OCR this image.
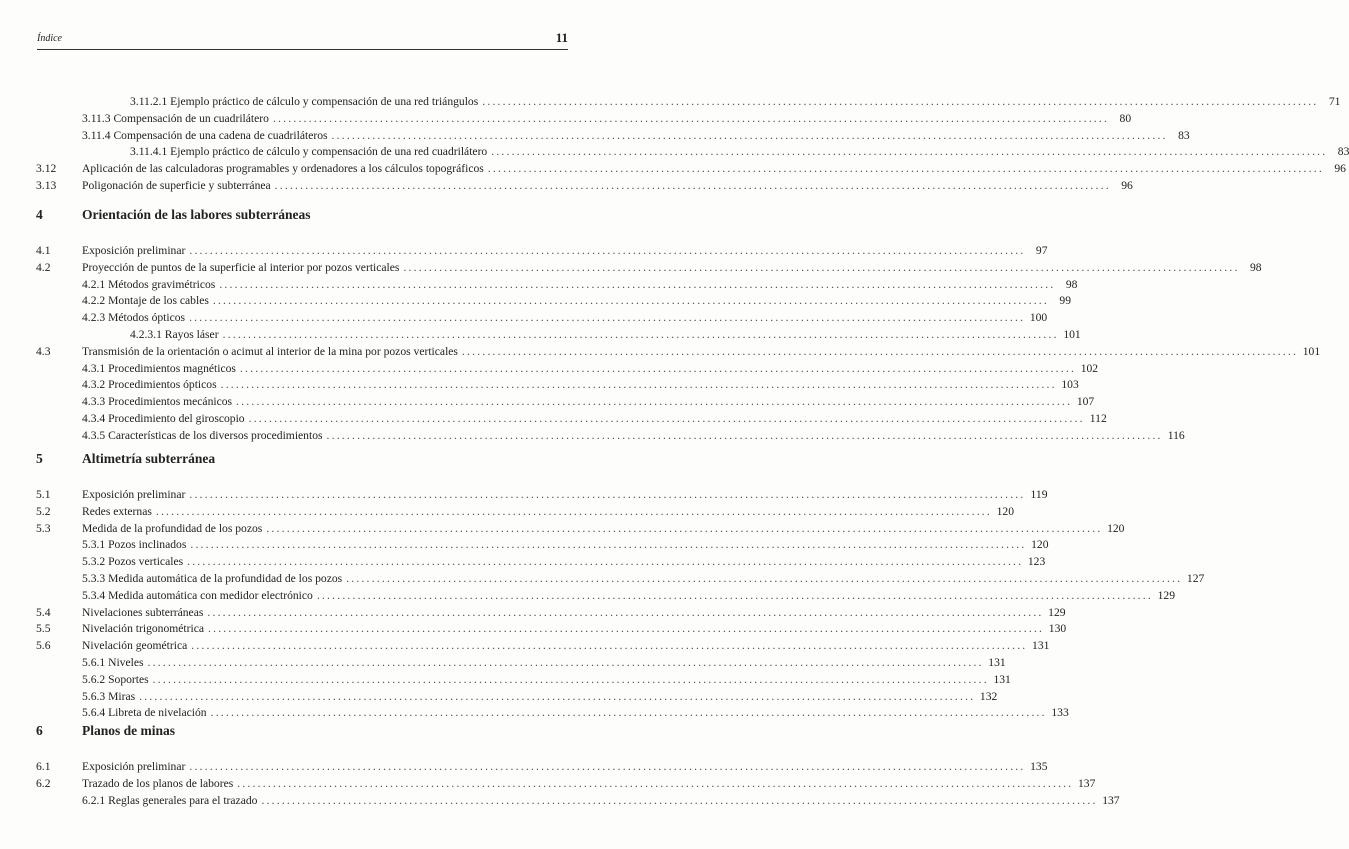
Índice	11
3.11.2.1 Ejemplo práctico de cálculo y compensación de una red triángulos .................................................................................................................................................................... 71
3.11.3 Compensación de un cuadrilátero .................................................................................................................................................................... 80
3.11.4 Compensación de una cadena de cuadriláteros .................................................................................................................................................................... 83
3.11.4.1 Ejemplo práctico de cálculo y compensación de una red cuadrilátero .................................................................................................................................................................... 83
3.12 Aplicación de las calculadoras programables y ordenadores a los cálculos topográficos .................................................................................................................................................................... 96
3.13 Poligonación de superficie y subterránea .................................................................................................................................................................... 96
4	Orientación de las labores subterráneas
4.1	Exposición preliminar .................................................................................................................................................................... 97
4.2	Proyección de puntos de la superficie al interior por pozos verticales .................................................................................................................................................................... 98
4.2.1 Métodos gravimétricos .................................................................................................................................................................... 98
4.2.2 Montaje de los cables .................................................................................................................................................................... 99
4.2.3 Métodos ópticos .................................................................................................................................................................... 100
4.2.3.1 Rayos láser .................................................................................................................................................................... 101
4.3	Transmisión de la orientación o acimut al interior de la mina por pozos verticales .................................................................................................................................................................... 101
4.3.1 Procedimientos magnéticos .................................................................................................................................................................... 102
4.3.2 Procedimientos ópticos .................................................................................................................................................................... 103
4.3.3 Procedimientos mecánicos .................................................................................................................................................................... 107
4.3.4 Procedimiento del giroscopio .................................................................................................................................................................... 112
4.3.5 Características de los diversos procedimientos .................................................................................................................................................................... 116
5	Altimetría subterránea
5.1	Exposición preliminar .................................................................................................................................................................... 119
5.2	Redes externas .................................................................................................................................................................... 120
5.3	Medida de la profundidad de los pozos .................................................................................................................................................................... 120
5.3.1 Pozos inclinados .................................................................................................................................................................... 120
5.3.2 Pozos verticales .................................................................................................................................................................... 123
5.3.3 Medida automática de la profundidad de los pozos .................................................................................................................................................................... 127
5.3.4 Medida automática con medidor electrónico .................................................................................................................................................................... 129
5.4	Nivelaciones subterráneas .................................................................................................................................................................... 129
5.5	Nivelación trigonométrica .................................................................................................................................................................... 130
5.6	Nivelación geométrica .................................................................................................................................................................... 131
5.6.1 Niveles .................................................................................................................................................................... 131
5.6.2 Soportes .................................................................................................................................................................... 131
5.6.3 Miras .................................................................................................................................................................... 132
5.6.4 Libreta de nivelación .................................................................................................................................................................... 133
6	Planos de minas
6.1	Exposición preliminar .................................................................................................................................................................... 135
6.2	Trazado de los planos de labores .................................................................................................................................................................... 137
6.2.1 Reglas generales para el trazado .................................................................................................................................................................... 137
